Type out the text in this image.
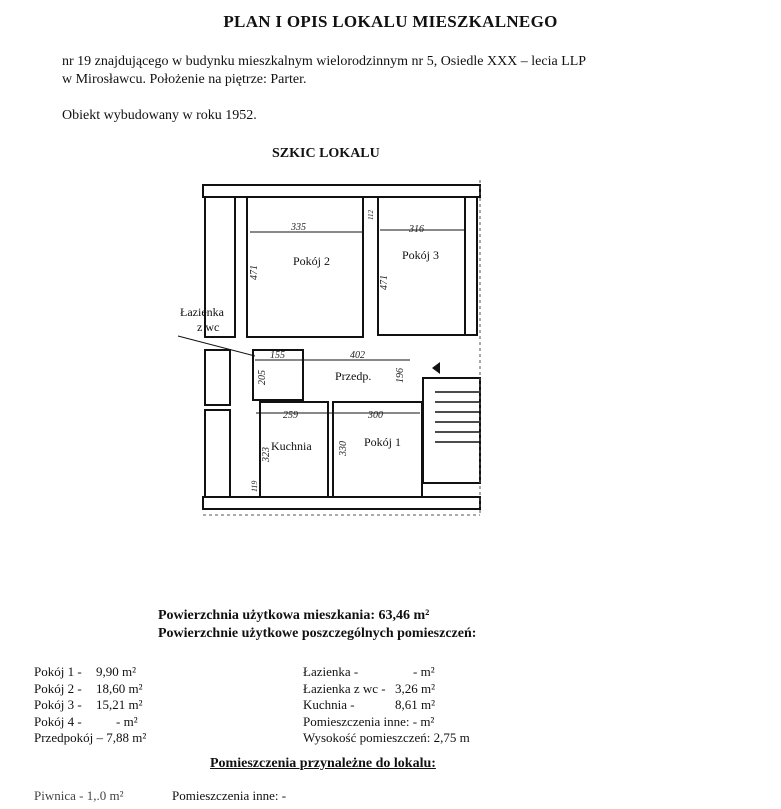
PLAN I OPIS LOKALU MIESZKALNEGO
nr 19 znajdującego w budynku mieszkalnym wielorodzinnym nr 5, Osiedle XXX – lecia LLP
w Mirosławcu. Położenie na piętrze: Parter.
Obiekt wybudowany w roku 1952.
SZKIC LOKALU
Pokój 2	Pokój 3
Przedp.
Kuchnia	Pokój 1
Łazienka
z wc
335	316
471
471
155	402
205	196
259	300
330
323
112
119
Powierzchnia użytkowa mieszkania: 63,46 m²
Powierzchnie użytkowe poszczególnych pomieszczeń:
Pokój 1 - 9,90 m²
Pokój 2 - 18,60 m²
Pokój 3 - 15,21 m²
Pokój 4 -	- m²
Przedpokój – 7,88 m²
Łazienka -	- m²
Łazienka z wc - 3,26 m²
Kuchnia -	8,61 m²
Pomieszczenia inne: - m²
Wysokość pomieszczeń: 2,75 m
Pomieszczenia przynależne do lokalu:
Piwnica - 1,.0 m²	Pomieszczenia inne: -
